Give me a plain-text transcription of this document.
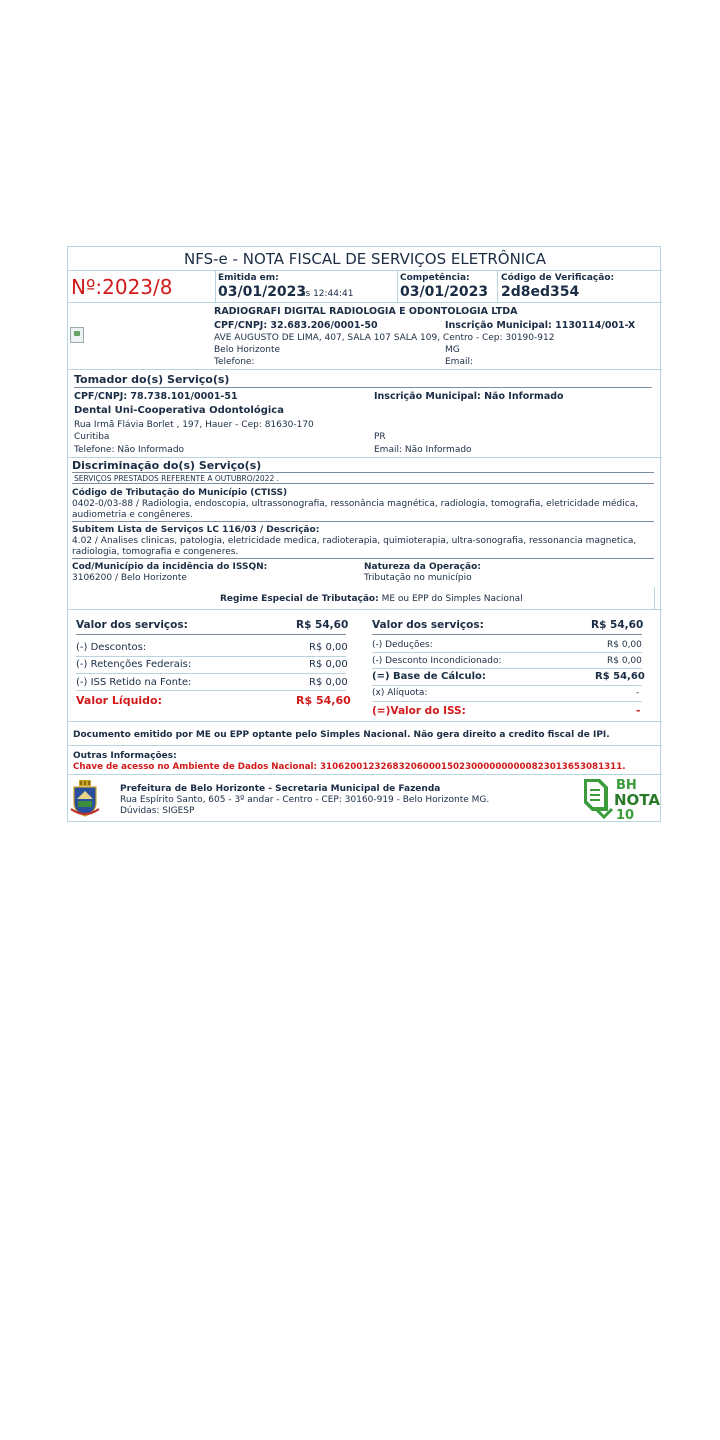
NFS-e - NOTA FISCAL DE SERVIÇOS ELETRÔNICA
Nº:2023/8	Emitida em:
03/01/2023
às 12:44:41
Competência:
03/01/2023
Código de Verificação:
2d8ed354
RADIOGRAFI DIGITAL RADIOLOGIA E ODONTOLOGIA LTDA
CPF/CNPJ: 32.683.206/0001-50	Inscrição Municipal: 1130114/001-X
AVE AUGUSTO DE LIMA, 407, SALA 107 SALA 109, Centro - Cep: 30190-912
Belo Horizonte	MG
Telefone:	Email:
Tomador do(s) Serviço(s)
CPF/CNPJ: 78.738.101/0001-51	Inscrição Municipal: Não Informado
Dental Uni-Cooperativa Odontológica
Rua Irmã Flávia Borlet , 197, Hauer - Cep: 81630-170
Curitiba	PR
Telefone: Não Informado	Email: Não Informado
Discriminação do(s) Serviço(s)
SERVIÇOS PRESTADOS REFERENTE A OUTUBRO/2022 .
Código de Tributação do Município (CTISS)
0402-0/03-88 / Radiologia, endoscopia, ultrassonografia, ressonância magnética, radiologia, tomografia, eletricidade médica, audiometria e congêneres.
Subitem Lista de Serviços LC 116/03 / Descrição:
4.02 / Analises clinicas, patologia, eletricidade medica, radioterapia, quimioterapia, ultra-sonografia, ressonancia magnetica, radiologia, tomografia e congeneres.
Cod/Município da incidência do ISSQN:
3106200 / Belo Horizonte
Natureza da Operação:
Tributação no município
Regime Especial de Tributação: ME ou EPP do Simples Nacional
Valor dos serviços:	R$ 54,60
(-) Descontos:	R$ 0,00
(-) Retenções Federais:	R$ 0,00
(-) ISS Retido na Fonte:	R$ 0,00
Valor Líquido:	R$ 54,60
Valor dos serviços:	R$ 54,60
(-) Deduções:	R$ 0,00
(-) Desconto Incondicionado:	R$ 0,00
(=) Base de Cálculo:	R$ 54,60
(x) Alíquota:	-
(=)Valor do ISS:	-
Documento emitido por ME ou EPP optante pelo Simples Nacional. Não gera direito a credito fiscal de IPI.
Outras Informações:
Chave de acesso no Ambiente de Dados Nacional: 31062001232683206000150230000000000823013653081311.
Prefeitura de Belo Horizonte - Secretaria Municipal de Fazenda
Rua Espírito Santo, 605 - 3º andar - Centro - CEP: 30160-919 - Belo Horizonte MG.
Dúvidas: SIGESP
BH
NOTA
10
